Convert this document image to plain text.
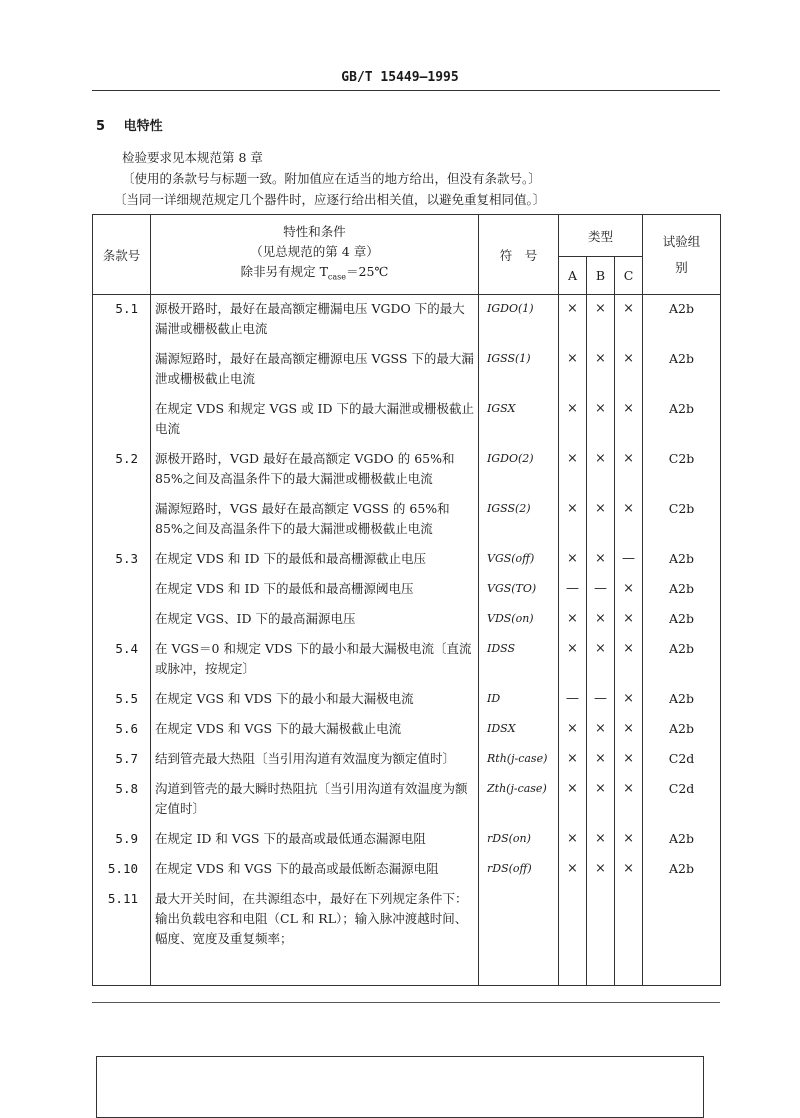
GB/T 15449—1995
5 电特性
检验要求见本规范第 8 章
〔使用的条款号与标题一致。附加值应在适当的地方给出，但没有条款号。〕
〔当同一详细规范规定几个器件时，应逐行给出相关值，以避免重复相同值。〕
条款号	特性和条件
（见总规范的第 4 章）
除非另有规定 $T_{case}=25℃$	符　号	类型			试验组别

			A	B	C	
5.1	源极开路时，最好在最高额定栅漏电压 VGDO 下的最大漏泄或栅极截止电流	IGDO(1)	×	×	×	A2b
	漏源短路时，最好在最高额定栅源电压 VGSS 下的最大漏泄或栅极截止电流	IGSS(1)	×	×	×	A2b
	在规定 VDS 和规定 VGS 或 ID 下的最大漏泄或栅极截止电流	IGSX	×	×	×	A2b
5.2	源极开路时，VGD 最好在最高额定 VGDO 的 65%和 85%之间及高温条件下的最大漏泄或栅极截止电流	IGDO(2)	×	×	×	C2b
	漏源短路时，VGS 最好在最高额定 VGSS 的 65%和 85%之间及高温条件下的最大漏泄或栅极截止电流	IGSS(2)	×	×	×	C2b
5.3	在规定 VDS 和 ID 下的最低和最高栅源截止电压	VGS(off)	×	×	—	A2b
	在规定 VDS 和 ID 下的最低和最高栅源阈电压	VGS(TO)	—	—	×	A2b
	在规定 VGS、ID 下的最高漏源电压	VDS(on)	×	×	×	A2b
5.4	在 VGS＝0 和规定 VDS 下的最小和最大漏极电流〔直流或脉冲，按规定〕	IDSS	×	×	×	A2b
5.5	在规定 VGS 和 VDS 下的最小和最大漏极电流	ID	—	—	×	A2b
5.6	在规定 VDS 和 VGS 下的最大漏极截止电流	IDSX	×	×	×	A2b
5.7	结到管壳最大热阻〔当引用沟道有效温度为额定值时〕	Rth(j-case)	×	×	×	C2d
5.8	沟道到管壳的最大瞬时热阻抗〔当引用沟道有效温度为额定值时〕	Zth(j-case)	×	×	×	C2d
5.9	在规定 ID 和 VGS 下的最高或最低通态漏源电阻	rDS(on)	×	×	×	A2b
5.10	在规定 VDS 和 VGS 下的最高或最低断态漏源电阻	rDS(off)	×	×	×	A2b
5.11	最大开关时间，在共源组态中，最好在下列规定条件下：输出负载电容和电阻（CL 和 RL）；输入脉冲渡越时间、幅度、宽度及重复频率；					
